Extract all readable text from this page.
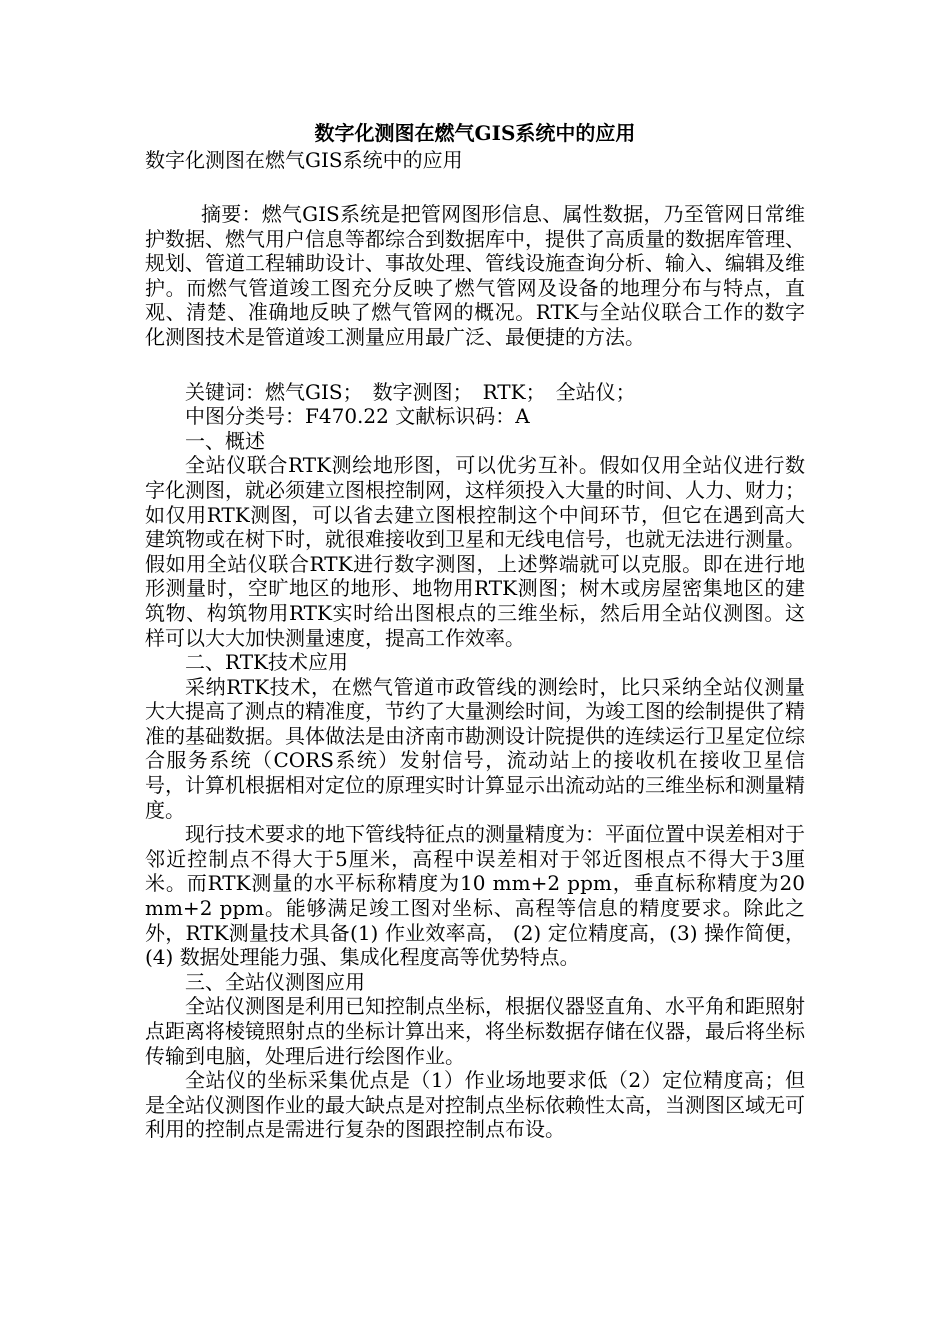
数字化测图在燃气GIS系统中的应用
数字化测图在燃气GIS系统中的应用

摘要：燃气GIS系统是把管网图形信息、属性数据，乃至管网日常维护数据、燃气用户信息等都综合到数据库中，提供了高质量的数据库管理、规划、管道工程辅助设计、事故处理、管线设施查询分析、输入、编辑及维护。而燃气管道竣工图充分反映了燃气管网及设备的地理分布与特点，直观、清楚、准确地反映了燃气管网的概况。RTK与全站仪联合工作的数字化测图技术是管道竣工测量应用最广泛、最便捷的方法。

关键词：燃气GIS；　数字测图；　RTK；　全站仪；

中图分类号：F470.22 文献标识码：A

一、概述

全站仪联合RTK测绘地形图，可以优劣互补。假如仅用全站仪进行数字化测图，就必须建立图根控制网，这样须投入大量的时间、人力、财力；如仅用RTK测图，可以省去建立图根控制这个中间环节，但它在遇到高大建筑物或在树下时，就很难接收到卫星和无线电信号，也就无法进行测量。假如用全站仪联合RTK进行数字测图，上述弊端就可以克服。即在进行地形测量时，空旷地区的地形、地物用RTK测图；树木或房屋密集地区的建筑物、构筑物用RTK实时给出图根点的三维坐标，然后用全站仪测图。这样可以大大加快测量速度，提高工作效率。

二、RTK技术应用

采纳RTK技术，在燃气管道市政管线的测绘时，比只采纳全站仪测量大大提高了测点的精准度，节约了大量测绘时间，为竣工图的绘制提供了精准的基础数据。具体做法是由济南市勘测设计院提供的连续运行卫星定位综合服务系统（CORS系统）发射信号，流动站上的接收机在接收卫星信号，计算机根据相对定位的原理实时计算显示出流动站的三维坐标和测量精度。

现行技术要求的地下管线特征点的测量精度为：平面位置中误差相对于邻近控制点不得大于5厘米，高程中误差相对于邻近图根点不得大于3厘米。而RTK测量的水平标称精度为10 mm+2 ppm，垂直标称精度为20 mm+2 ppm。能够满足竣工图对坐标、高程等信息的精度要求。除此之外，RTK测量技术具备(1) 作业效率高， (2) 定位精度高，(3) 操作简便， (4) 数据处理能力强、集成化程度高等优势特点。

三、全站仪测图应用

全站仪测图是利用已知控制点坐标，根据仪器竖直角、水平角和距照射点距离将棱镜照射点的坐标计算出来，将坐标数据存储在仪器，最后将坐标传输到电脑，处理后进行绘图作业。

全站仪的坐标采集优点是（1）作业场地要求低（2）定位精度高；但是全站仪测图作业的最大缺点是对控制点坐标依赖性太高，当测图区域无可利用的控制点是需进行复杂的图跟控制点布设。
